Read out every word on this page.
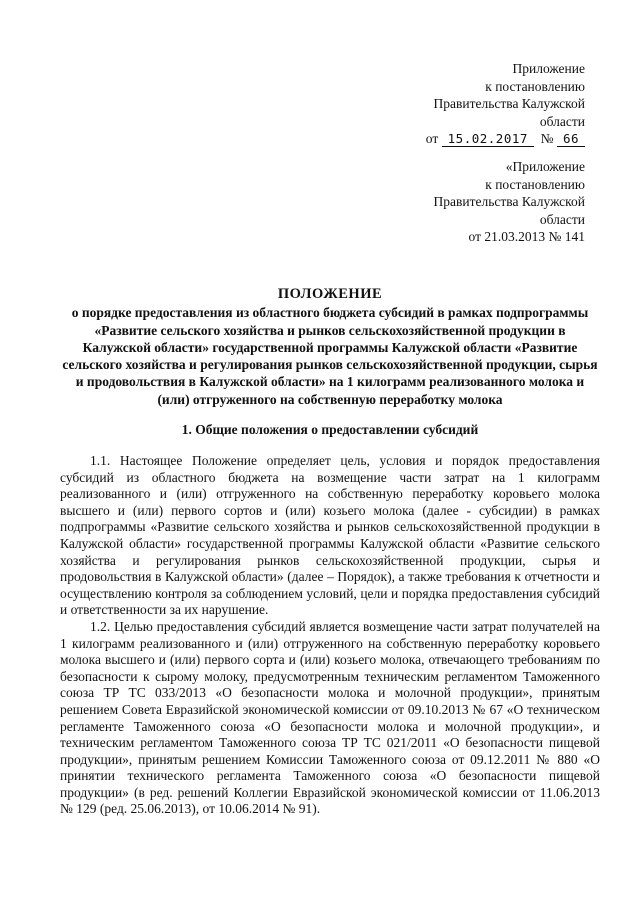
Приложение
к постановлению
Правительства Калужской
области
от 15.02.2017 № 66
«Приложение
к постановлению
Правительства Калужской
области
от 21.03.2013 № 141
ПОЛОЖЕНИЕ
о порядке предоставления из областного бюджета субсидий в рамках подпрограммы «Развитие сельского хозяйства и рынков сельскохозяйственной продукции в Калужской области» государственной программы Калужской области «Развитие сельского хозяйства и регулирования рынков сельскохозяйственной продукции, сырья и продовольствия в Калужской области» на 1 килограмм реализованного молока и (или) отгруженного на собственную переработку молока
1. Общие положения о предоставлении субсидий

1.1. Настоящее Положение определяет цель, условия и порядок предоставления субсидий из областного бюджета на возмещение части затрат на 1 килограмм реализованного и (или) отгруженного на собственную переработку коровьего молока высшего и (или) первого сортов и (или) козьего молока (далее - субсидии) в рамках подпрограммы «Развитие сельского хозяйства и рынков сельскохозяйственной продукции в Калужской области» государственной программы Калужской области «Развитие сельского хозяйства и регулирования рынков сельскохозяйственной продукции, сырья и продовольствия в Калужской области» (далее – Порядок), а также требования к отчетности и осуществлению контроля за соблюдением условий, цели и порядка предоставления субсидий и ответственности за их нарушение.

1.2. Целью предоставления субсидий является возмещение части затрат получателей на 1 килограмм реализованного и (или) отгруженного на собственную переработку коровьего молока высшего и (или) первого сорта и (или) козьего молока, отвечающего требованиям по безопасности к сырому молоку, предусмотренным техническим регламентом Таможенного союза ТР ТС 033/2013 «О безопасности молока и молочной продукции», принятым решением Совета Евразийской экономической комиссии от 09.10.2013 № 67 «О техническом регламенте Таможенного союза «О безопасности молока и молочной продукции», и техническим регламентом Таможенного союза ТР ТС 021/2011 «О безопасности пищевой продукции», принятым решением Комиссии Таможенного союза от 09.12.2011 № 880 «О принятии технического регламента Таможенного союза «О безопасности пищевой продукции» (в ред. решений Коллегии Евразийской экономической комиссии от 11.06.2013 № 129 (ред. 25.06.2013), от 10.06.2014 № 91).
